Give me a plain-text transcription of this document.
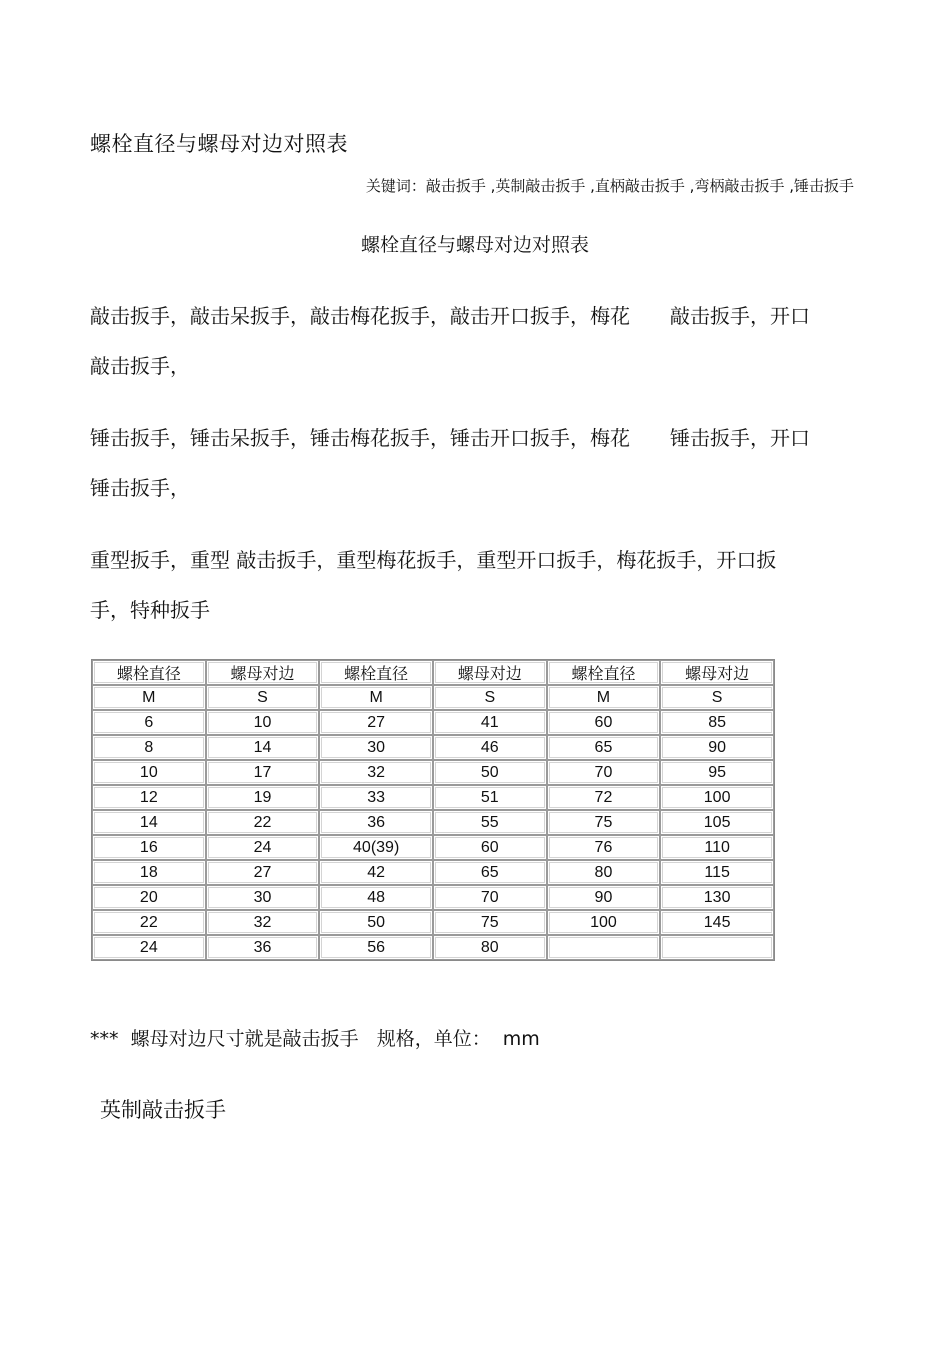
螺栓直径与螺母对边对照表
关键词：敲击扳手 ,英制敲击扳手 ,直柄敲击扳手 ,弯柄敲击扳手 ,锤击扳手
螺栓直径与螺母对边对照表
敲击扳手，敲击呆扳手，敲击梅花扳手，敲击开口扳手，梅花　　敲击扳手，开口
敲击扳手，
锤击扳手，锤击呆扳手，锤击梅花扳手，锤击开口扳手，梅花　　锤击扳手，开口
锤击扳手，
重型扳手，重型 敲击扳手，重型梅花扳手，重型开口扳手，梅花扳手，开口扳
手，特种扳手
螺栓直径	螺母对边	螺栓直径	螺母对边	螺栓直径	螺母对边
M	S	M	S	M	S
6	10	27	41	60	85
8	14	30	46	65	90
10	17	32	50	70	95
12	19	33	51	72	100
14	22	36	55	75	105
16	24	40(39)	60	76	110
18	27	42	65	80	115
20	30	48	70	90	130
22	32	50	75	100	145
24	36	56	80		
***  螺母对边尺寸就是敲击扳手   规格，单位：  mm
英制敲击扳手
